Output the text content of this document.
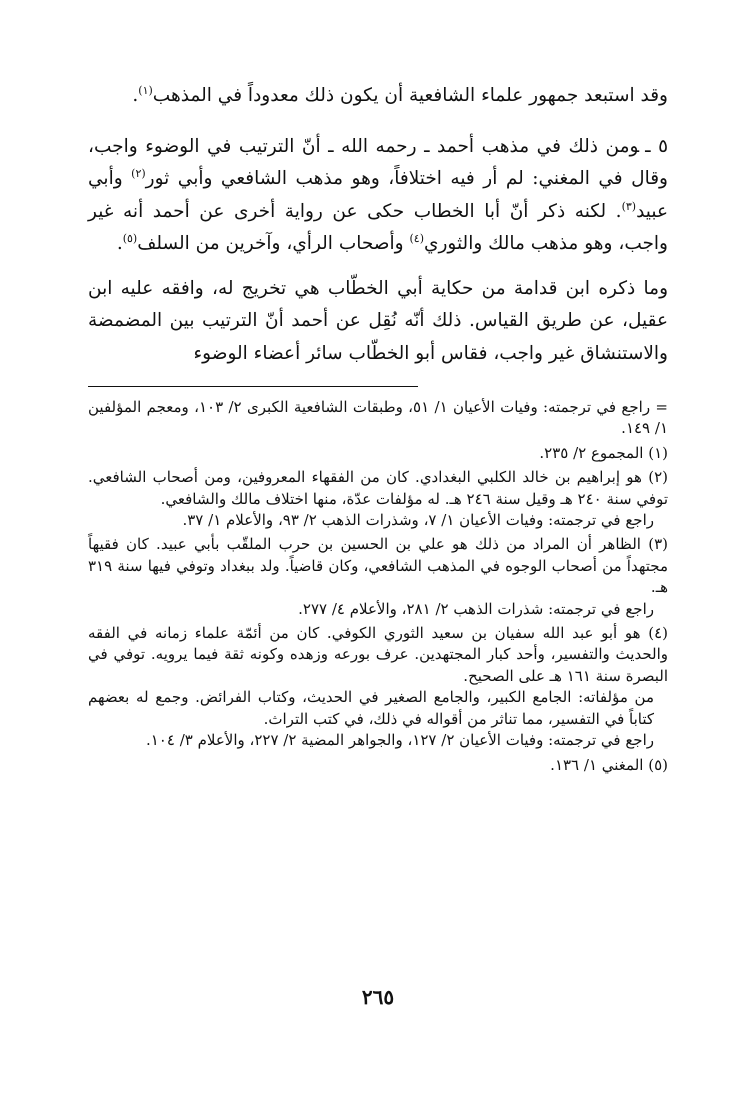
وقد استبعد جمهور علماء الشافعية أن يكون ذلك معدوداً في المذهب$^{(١)}$.

٥ ـومن ذلك في مذهب أحمد ـ رحمه الله ـ أنّ الترتيب في الوضوء واجب، وقال في المغني: لم أر فيه اختلافاً، وهو مذهب الشافعي وأبي ثور$^{(٢)}$ وأبي عبيد$^{(٣)}$. لكنه ذكر أنّ أبا الخطاب حكى عن رواية أخرى عن أحمد أنه غير واجب، وهو مذهب مالك والثوري$^{(٤)}$ وأصحاب الرأي، وآخرين من السلف$^{(٥)}$.

وما ذكره ابن قدامة من حكاية أبي الخطّاب هي تخريج له، وافقه عليه ابن عقيل، عن طريق القياس. ذلك أنّه نُقِل عن أحمد أنّ الترتيب بين المضمضة والاستنشاق غير واجب، فقاس أبو الخطّاب سائر أعضاء الوضوء

= راجع في ترجمته: وفيات الأعيان ١/ ٥١، وطبقات الشافعية الكبرى ٢/ ١٠٣، ومعجم المؤلفين ١/ ١٤٩.

(١) المجموع ٢/ ٢٣٥.

(٢) هو إبراهيم بن خالد الكلبي البغدادي. كان من الفقهاء المعروفين، ومن أصحاب الشافعي. توفي سنة ٢٤٠ هـ وقيل سنة ٢٤٦ هـ. له مؤلفات عدّة، منها اختلاف مالك والشافعي.

راجع في ترجمته: وفيات الأعيان ١/ ٧، وشذرات الذهب ٢/ ٩٣، والأعلام ١/ ٣٧.

(٣) الظاهر أن المراد من ذلك هو علي بن الحسين بن حرب الملقّب بأبي عبيد. كان فقيهاً مجتهداً من أصحاب الوجوه في المذهب الشافعي، وكان قاضياً. ولد ببغداد وتوفي فيها سنة ٣١٩ هـ.

راجع في ترجمته: شذرات الذهب ٢/ ٢٨١، والأعلام ٤/ ٢٧٧.

(٤) هو أبو عبد الله سفيان بن سعيد الثوري الكوفي. كان من أئمّة علماء زمانه في الفقه والحديث والتفسير، وأحد كبار المجتهدين. عرف بورعه وزهده وكونه ثقة فيما يرويه. توفي في البصرة سنة ١٦١ هـ على الصحيح.

من مؤلفاته: الجامع الكبير، والجامع الصغير في الحديث، وكتاب الفرائض. وجمع له بعضهم كتاباً في التفسير، مما تناثر من أقواله في ذلك، في كتب التراث.

راجع في ترجمته: وفيات الأعيان ٢/ ١٢٧، والجواهر المضية ٢/ ٢٢٧، والأعلام ٣/ ١٠٤.

(٥) المغني ١/ ١٣٦.

٢٦٥
